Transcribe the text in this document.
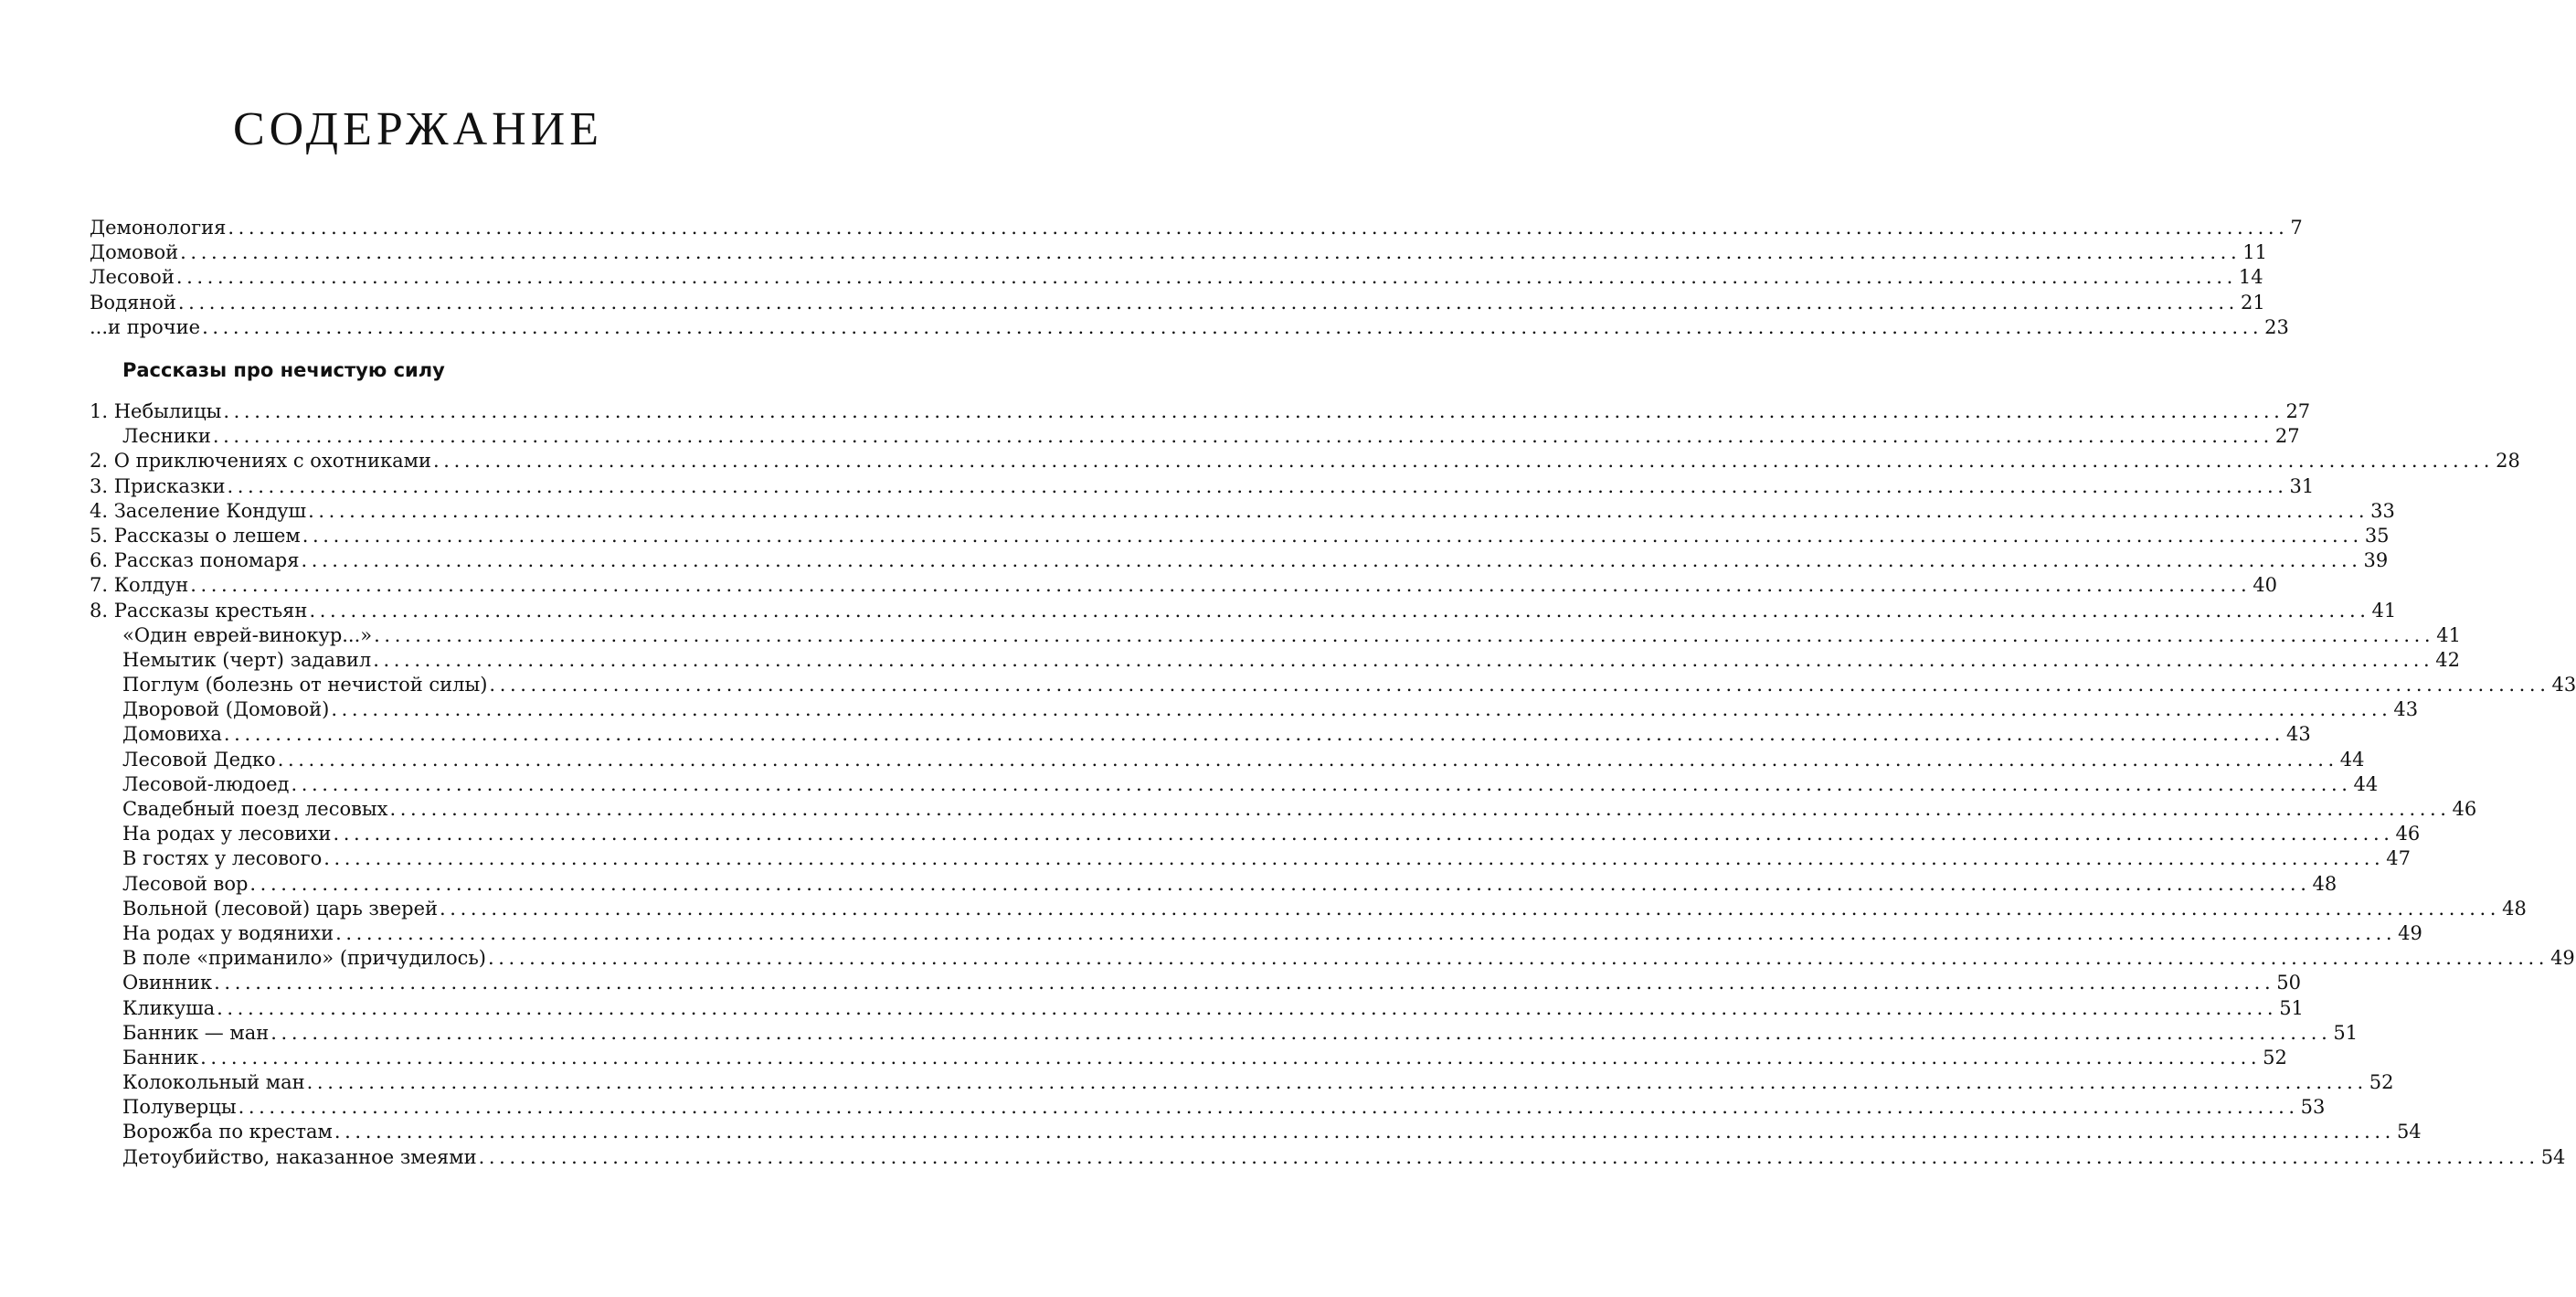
СОДЕРЖАНИЕ
Демонология ........................................................................................................................................................................................................ 7
Домовой ........................................................................................................................................................................................................ 11
Лесовой ........................................................................................................................................................................................................ 14
Водяной ........................................................................................................................................................................................................ 21
...и прочие ........................................................................................................................................................................................................ 23
Рассказы про нечистую силу
1. Небылицы ........................................................................................................................................................................................................ 27
Лесники ........................................................................................................................................................................................................ 27
2. О приключениях с охотниками ........................................................................................................................................................................................................ 28
3. Присказки ........................................................................................................................................................................................................ 31
4. Заселение Кондуш ........................................................................................................................................................................................................ 33
5. Рассказы о лешем ........................................................................................................................................................................................................ 35
6. Рассказ пономаря ........................................................................................................................................................................................................ 39
7. Колдун ........................................................................................................................................................................................................ 40
8. Рассказы крестьян ........................................................................................................................................................................................................ 41
«Один еврей-винокур...» ........................................................................................................................................................................................................ 41
Немытик (черт) задавил ........................................................................................................................................................................................................ 42
Поглум (болезнь от нечистой силы) ........................................................................................................................................................................................................ 43
Дворовой (Домовой) ........................................................................................................................................................................................................ 43
Домовиха ........................................................................................................................................................................................................ 43
Лесовой Дедко ........................................................................................................................................................................................................ 44
Лесовой-людоед ........................................................................................................................................................................................................ 44
Свадебный поезд лесовых ........................................................................................................................................................................................................ 46
На родах у лесовихи ........................................................................................................................................................................................................ 46
В гостях у лесового ........................................................................................................................................................................................................ 47
Лесовой вор ........................................................................................................................................................................................................ 48
Вольной (лесовой) царь зверей ........................................................................................................................................................................................................ 48
На родах у водянихи ........................................................................................................................................................................................................ 49
В поле «приманило» (причудилось) ........................................................................................................................................................................................................ 49
Овинник ........................................................................................................................................................................................................ 50
Кликуша ........................................................................................................................................................................................................ 51
Банник — ман ........................................................................................................................................................................................................ 51
Банник ........................................................................................................................................................................................................ 52
Колокольный ман ........................................................................................................................................................................................................ 52
Полуверцы ........................................................................................................................................................................................................ 53
Ворожба по крестам ........................................................................................................................................................................................................ 54
Детоубийство, наказанное змеями ........................................................................................................................................................................................................ 54
